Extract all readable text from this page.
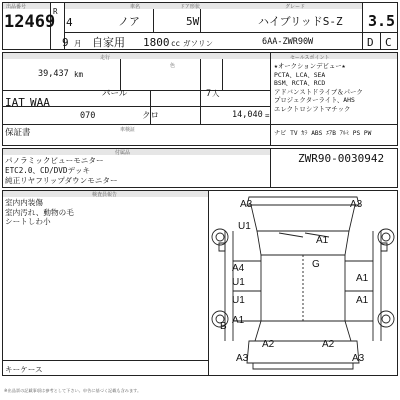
出品番号
12469
R
4
車名
ノア
ドア形状
5W
グレード
ハイブリッドS-Z 3.5
9 月 自家用 1800 cc ガソリン	6AA-ZWR90W	D C
走行
39,437 km
セールスポイント
色
パール	7 人
IAT WAA
070	クロ	14,040 =
保証書	車検証
★オークションデビュー★
PCTA、LCA、SEA
BSM、RCTA、RCD
アドバンストドライブ＆パーク
プロジェクターライト、AHS
エレクトロシフトマチック
ナビ TV ｶﾗ ABS ｴｱB ｱﾙﾐ PS PW
付属品
パノラミックビューモニター
ETC2.0、CD/DVDデッキ
純正リヤフリップダウンモニター
ZWR90-0030942
検査員報告
室内内装傷
室内汚れ、動物の毛
シートしわ小
キーケース
A3	A3
U1
A1
G
A4
U1	A1
U1	A1
A1
B
A2	A2
A3	A3
※出品票の記載事項は参考として下さい。申告に基づく記載も含みます。
